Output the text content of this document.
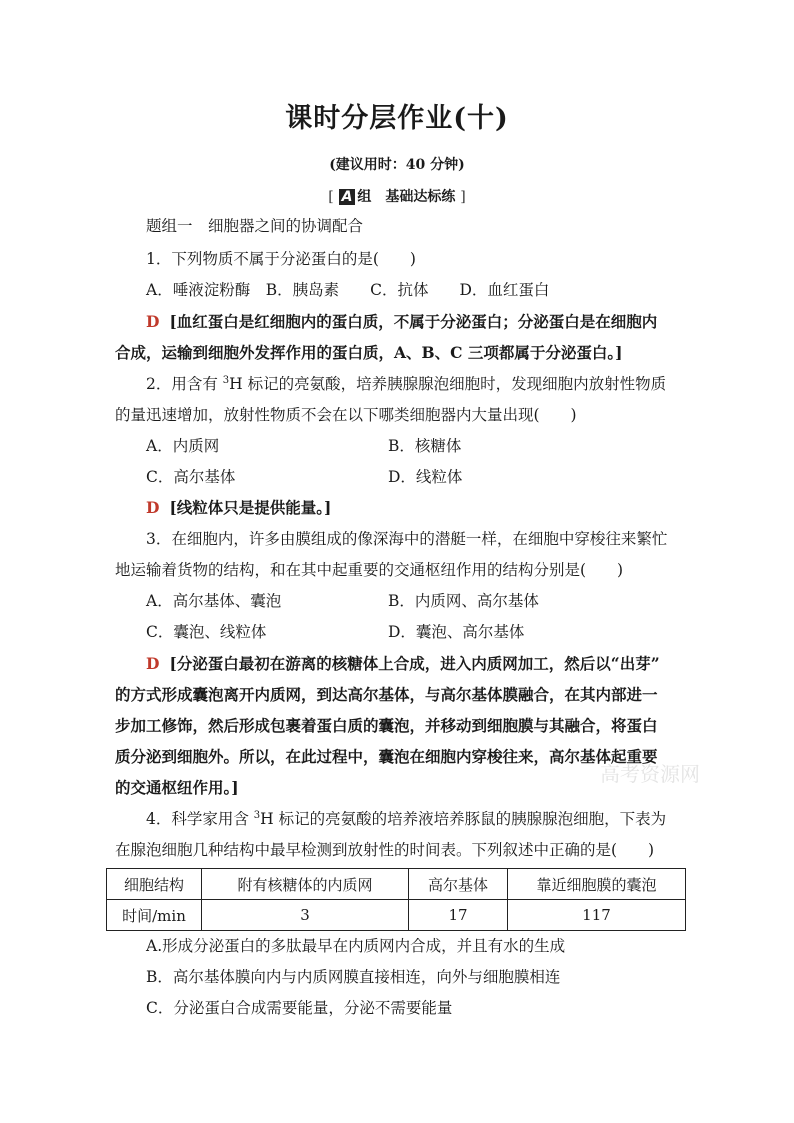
课时分层作业(十)
(建议用时：40 分钟)
[ A 组　基础达标练 ]
题组一　细胞器之间的协调配合
1．下列物质不属于分泌蛋白的是(　　)
A．唾液淀粉酶　B．胰岛素　　C．抗体　　D．血红蛋白
D [血红蛋白是红细胞内的蛋白质，不属于分泌蛋白；分泌蛋白是在细胞内
合成，运输到细胞外发挥作用的蛋白质，A、B、C 三项都属于分泌蛋白。]
2．用含有 $^3$H 标记的亮氨酸，培养胰腺腺泡细胞时，发现细胞内放射性物质
的量迅速增加，放射性物质不会在以下哪类细胞器内大量出现(　　)
A．内质网	B．核糖体
C．高尔基体	D．线粒体
D [线粒体只是提供能量。]
3．在细胞内，许多由膜组成的像深海中的潜艇一样，在细胞中穿梭往来繁忙
地运输着货物的结构，和在其中起重要的交通枢纽作用的结构分别是(　　)
A．高尔基体、囊泡	B．内质网、高尔基体
C．囊泡、线粒体	D．囊泡、高尔基体
D [分泌蛋白最初在游离的核糖体上合成，进入内质网加工，然后以“出芽”
的方式形成囊泡离开内质网，到达高尔基体，与高尔基体膜融合，在其内部进一
步加工修饰，然后形成包裹着蛋白质的囊泡，并移动到细胞膜与其融合，将蛋白
质分泌到细胞外。所以，在此过程中，囊泡在细胞内穿梭往来，高尔基体起重要
的交通枢纽作用。]
高考资源网
4．科学家用含 $^3$H 标记的亮氨酸的培养液培养豚鼠的胰腺腺泡细胞，下表为
在腺泡细胞几种结构中最早检测到放射性的时间表。下列叙述中正确的是(　　)
细胞结构	附有核糖体的内质网	高尔基体	靠近细胞膜的囊泡
时间/min	3	17	117
A.形成分泌蛋白的多肽最早在内质网内合成，并且有水的生成
B．高尔基体膜向内与内质网膜直接相连，向外与细胞膜相连
C．分泌蛋白合成需要能量，分泌不需要能量
